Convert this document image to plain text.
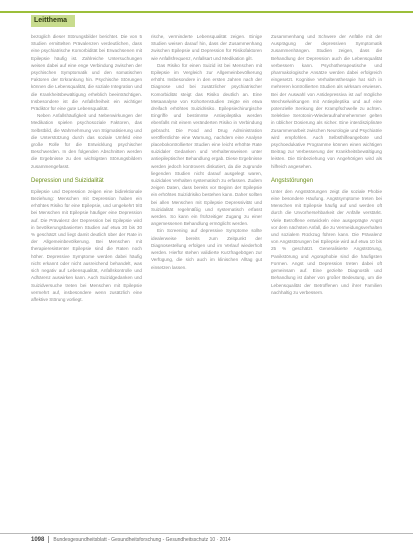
Leitthema

bezüglich dieser Störungsbilder berichtet. Die von 5 Studien ermittelten Prävalenzen verdeutlichen, dass eine psychiatrische Komorbidität bei Erwachsenen mit Epilepsie häufig ist. Zahlreiche Untersuchungen weisen dabei auf eine enge Verbindung zwischen der psychischen Symptomatik und den somatischen Faktoren der Erkrankung hin. Psychische Störungen können die Lebensqualität, die soziale Integration und die Krankheitsbewältigung erheblich beeinträchtigen. Insbesondere ist die Anfallsfreiheit ein wichtiger Prädiktor für eine gute Lebensqualität.

Neben Anfallshäufigkeit und Nebenwirkungen der Medikation spielen psychosoziale Faktoren, das Selbstbild, die Wahrnehmung von Stigmatisierung und die Unterstützung durch das soziale Umfeld eine große Rolle für die Entwicklung psychischer Beschwerden. In den folgenden Abschnitten werden die Ergebnisse zu den wichtigsten Störungsbildern zusammengefasst.

Depression und Suizidalität

Epilepsie und Depression zeigen eine bidirektionale Beziehung: Menschen mit Depression haben ein erhöhtes Risiko für eine Epilepsie, und umgekehrt tritt bei Menschen mit Epilepsie häufiger eine Depression auf. Die Prävalenz der Depression bei Epilepsie wird in bevölkerungsbasierten Studien auf etwa 20 bis 30 % geschätzt und liegt damit deutlich über der Rate in der Allgemeinbevölkerung. Bei Menschen mit therapieresistenter Epilepsie sind die Raten noch höher. Depressive Symptome werden dabei häufig nicht erkannt oder nicht ausreichend behandelt, was sich negativ auf Lebensqualität, Anfallskontrolle und Adhärenz auswirken kann. Auch Suizidgedanken und Suizidversuche treten bei Menschen mit Epilepsie vermehrt auf, insbesondere wenn zusätzlich eine affektive Störung vorliegt.

rische, verminderte Lebensqualität zeigen. Einige Studien weisen darauf hin, dass der Zusammenhang zwischen Epilepsie und Depression für Risikofaktoren wie Anfallsfrequenz, Anfallsart und Medikation gilt.

Das Risiko für einen Suizid ist bei Menschen mit Epilepsie im Vergleich zur Allgemeinbevölkerung erhöht. Insbesondere in den ersten Jahren nach der Diagnose und bei zusätzlicher psychiatrischer Komorbidität steigt das Risiko deutlich an. Eine Metaanalyse von Kohortenstudien zeigte ein etwa dreifach erhöhtes Suizidrisiko. Epilepsiechirurgische Eingriffe und bestimmte Antiepileptika werden ebenfalls mit einem veränderten Risiko in Verbindung gebracht. Die Food and Drug Administration veröffentlichte eine Warnung, nachdem eine Analyse placebokontrollierter Studien eine leicht erhöhte Rate suizidaler Gedanken und Verhaltensweisen unter antiepileptischer Behandlung ergab. Diese Ergebnisse werden jedoch kontrovers diskutiert, da die zugrunde liegenden Studien nicht darauf ausgelegt waren, suizidales Verhalten systematisch zu erfassen. Zudem zeigen Daten, dass bereits vor Beginn der Epilepsie ein erhöhtes Suizidrisiko bestehen kann. Daher sollten bei allen Menschen mit Epilepsie Depressivität und Suizidalität regelmäßig und systematisch erfasst werden. So kann ein frühzeitiger Zugang zu einer angemessenen Behandlung ermöglicht werden.

Ein Screening auf depressive Symptome sollte idealerweise bereits zum Zeitpunkt der Diagnosestellung erfolgen und im Verlauf wiederholt werden. Hierfür stehen validierte Kurzfragebögen zur Verfügung, die sich auch im klinischen Alltag gut einsetzen lassen.

Zusammenhang und Schwere der Anfälle mit der Ausprägung der depressiven Symptomatik zusammenhängen. Studien zeigen, dass die Behandlung der Depression auch die Lebensqualität verbessern kann. Psychotherapeutische und pharmakologische Ansätze werden dabei erfolgreich eingesetzt. Kognitive Verhaltenstherapie hat sich in mehreren kontrollierten Studien als wirksam erwiesen. Bei der Auswahl von Antidepressiva ist auf mögliche Wechselwirkungen mit Antiepileptika und auf eine potenzielle Senkung der Krampfschwelle zu achten. Selektive Serotonin-Wiederaufnahmehemmer gelten in üblicher Dosierung als sicher. Eine interdisziplinäre Zusammenarbeit zwischen Neurologie und Psychiatrie wird empfohlen. Auch Selbsthilfeangebote und psychoedukative Programme können einen wichtigen Beitrag zur Verbesserung der Krankheitsbewältigung leisten. Die Einbeziehung von Angehörigen wird als hilfreich angesehen.

Angststörungen

Unter den Angststörungen zeigt die soziale Phobie eine besondere Häufung. Angstsymptome treten bei Menschen mit Epilepsie häufig auf und werden oft durch die Unvorhersehbarkeit der Anfälle verstärkt. Viele Betroffene entwickeln eine ausgeprägte Angst vor dem nächsten Anfall, die zu Vermeidungsverhalten und sozialem Rückzug führen kann. Die Prävalenz von Angststörungen bei Epilepsie wird auf etwa 10 bis 25 % geschätzt. Generalisierte Angststörung, Panikstörung und Agoraphobie sind die häufigsten Formen. Angst und Depression treten dabei oft gemeinsam auf. Eine gezielte Diagnostik und Behandlung ist daher von großer Bedeutung, um die Lebensqualität der Betroffenen und ihrer Familien nachhaltig zu verbessern.

1098 Bundesgesundheitsblatt - Gesundheitsforschung - Gesundheitsschutz 10 · 2014
